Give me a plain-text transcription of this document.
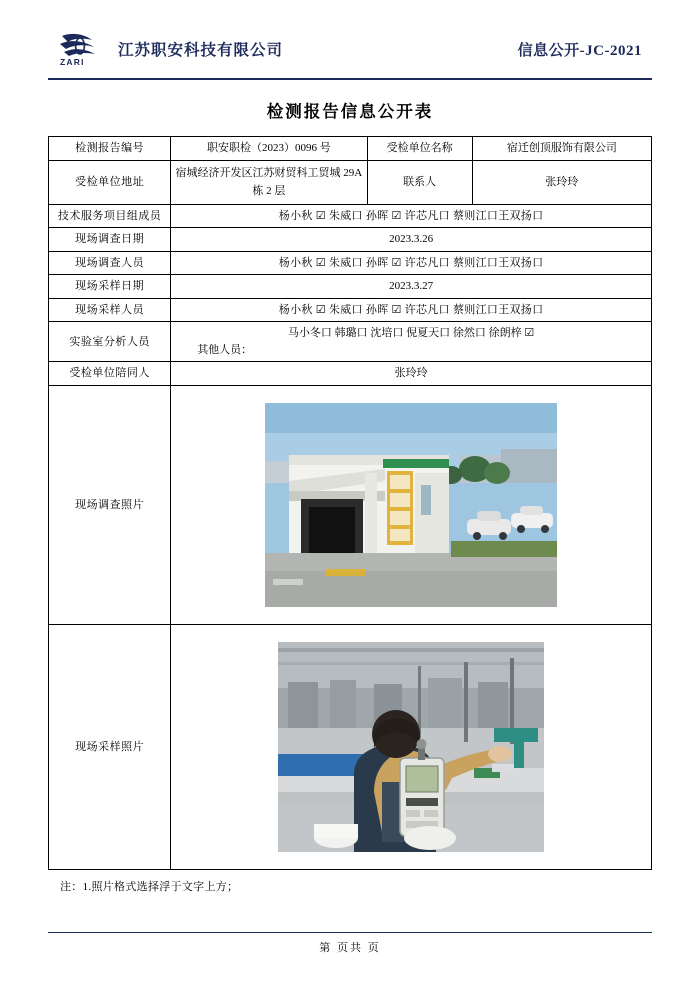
ZARI
江苏职安科技有限公司	信息公开-JC-2021
检测报告信息公开表
检测报告编号	职安职检（2023）0096 号	受检单位名称	宿迁创顶服饰有限公司
受检单位地址	宿城经济开发区江苏财贸科工贸城 29A 栋 2 层	联系人	张玲玲
技术服务项目组成员	杨小秋 ☑ 朱威口 孙晖 ☑ 许芯凡口 蔡则江口王双扬口		
现场调查日期	2023.3.26		
现场调查人员	杨小秋 ☑ 朱威口 孙晖 ☑ 许芯凡口 蔡则江口王双扬口		
现场采样日期	2023.3.27		
现场采样人员	杨小秋 ☑ 朱威口 孙晖 ☑ 许芯凡口 蔡则江口王双扬口		
实验室分析人员	马小冬口 韩璐口 沈培口 倪夏天口 徐然口 徐朗梓 ☑
其他人员：		

受检单位陪同人	张玲玲		
现场调查照片	

现场采样照片	
注：1.照片格式选择浮于文字上方；
第 页共 页
